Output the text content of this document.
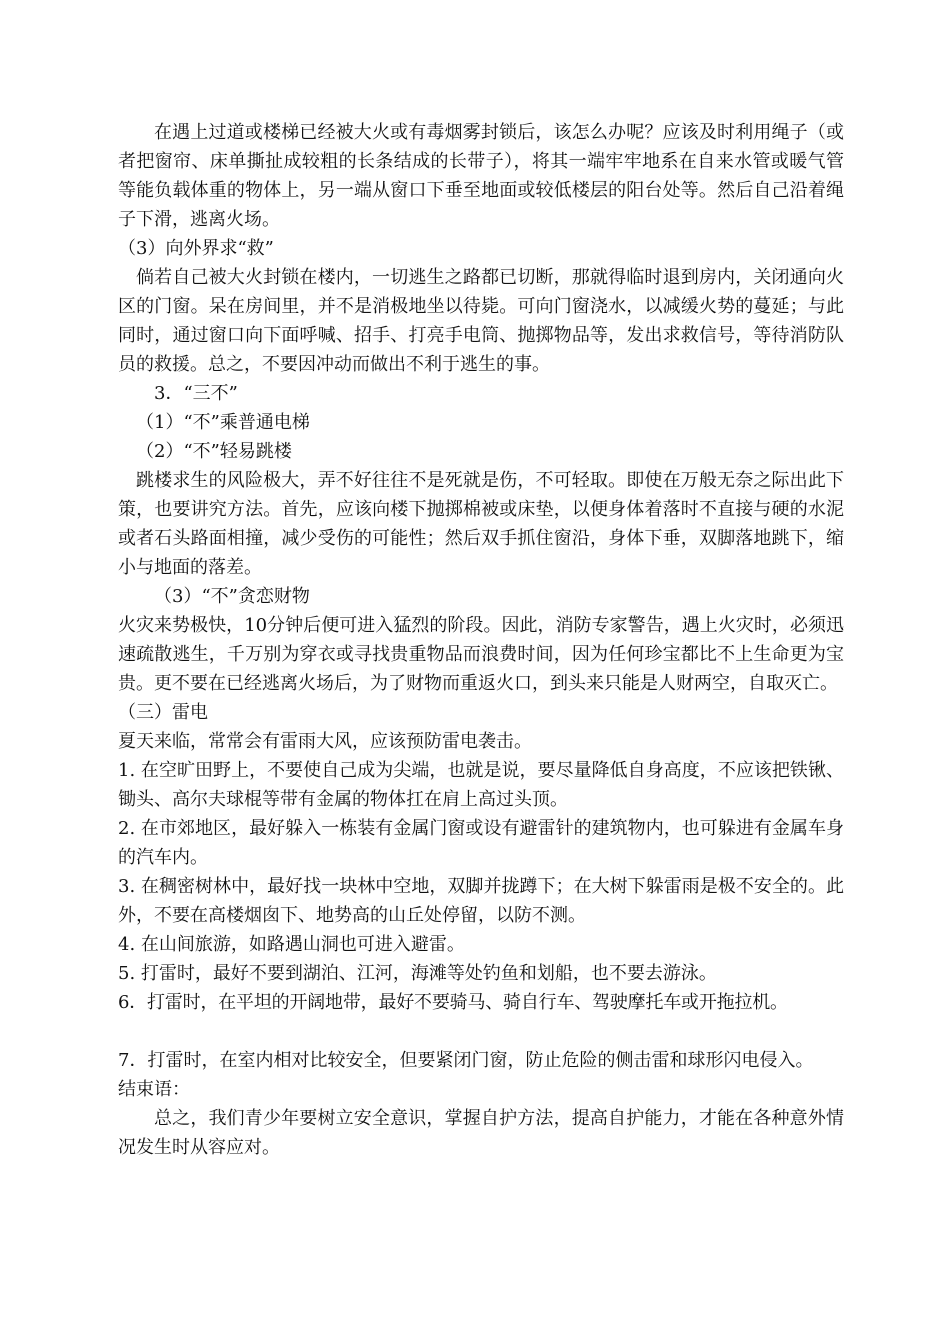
在遇上过道或楼梯已经被大火或有毒烟雾封锁后，该怎么办呢？应该及时利用绳子（或者把窗帘、床单撕扯成较粗的长条结成的长带子），将其一端牢牢地系在自来水管或暖气管等能负载体重的物体上，另一端从窗口下垂至地面或较低楼层的阳台处等。然后自己沿着绳子下滑，逃离火场。

（3）向外界求“救”

倘若自己被大火封锁在楼内，一切逃生之路都已切断，那就得临时退到房内，关闭通向火区的门窗。呆在房间里，并不是消极地坐以待毙。可向门窗浇水，以减缓火势的蔓延；与此同时，通过窗口向下面呼喊、招手、打亮手电筒、抛掷物品等，发出求救信号，等待消防队员的救援。总之，不要因冲动而做出不利于逃生的事。

3．“三不”

（1）“不”乘普通电梯

（2）“不”轻易跳楼

跳楼求生的风险极大，弄不好往往不是死就是伤，不可轻取。即使在万般无奈之际出此下策，也要讲究方法。首先，应该向楼下抛掷棉被或床垫，以便身体着落时不直接与硬的水泥或者石头路面相撞，减少受伤的可能性；然后双手抓住窗沿，身体下垂，双脚落地跳下，缩小与地面的落差。

（3）“不”贪恋财物

火灾来势极快，10分钟后便可进入猛烈的阶段。因此，消防专家警告，遇上火灾时，必须迅速疏散逃生，千万别为穿衣或寻找贵重物品而浪费时间，因为任何珍宝都比不上生命更为宝贵。更不要在已经逃离火场后，为了财物而重返火口，到头来只能是人财两空，自取灭亡。

（三）雷电

夏天来临，常常会有雷雨大风，应该预防雷电袭击。

1. 在空旷田野上，不要使自己成为尖端，也就是说，要尽量降低自身高度，不应该把铁锹、锄头、高尔夫球棍等带有金属的物体扛在肩上高过头顶。

2. 在市郊地区，最好躲入一栋装有金属门窗或设有避雷针的建筑物内，也可躲进有金属车身的汽车内。

3. 在稠密树林中，最好找一块林中空地，双脚并拢蹲下；在大树下躲雷雨是极不安全的。此外，不要在高楼烟囱下、地势高的山丘处停留，以防不测。

4. 在山间旅游，如路遇山洞也可进入避雷。

5. 打雷时，最好不要到湖泊、江河，海滩等处钓鱼和划船，也不要去游泳。

6．打雷时，在平坦的开阔地带，最好不要骑马、骑自行车、驾驶摩托车或开拖拉机。

7．打雷时，在室内相对比较安全，但要紧闭门窗，防止危险的侧击雷和球形闪电侵入。

结束语：

总之，我们青少年要树立安全意识，掌握自护方法，提高自护能力，才能在各种意外情况发生时从容应对。
